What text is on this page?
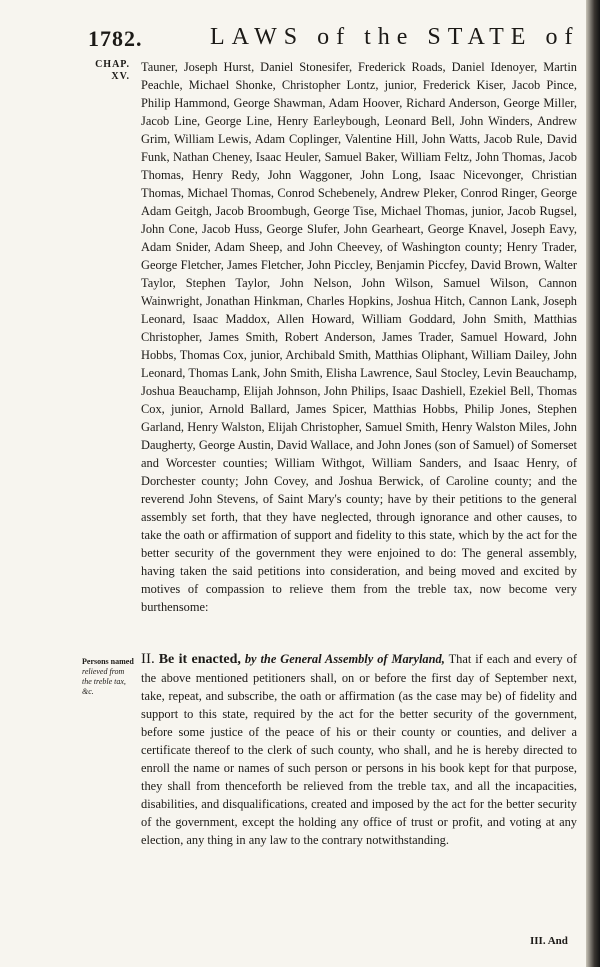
1782.	LAWS of the STATE of
CHAP.
XV.

Tauner, Joseph Hurst, Daniel Stonesifer, Frederick Roads, Daniel Idenoyer, Martin Peachle, Michael Shonke, Christopher Lontz, junior, Frederick Kiser, Jacob Pince, Philip Hammond, George Shawman, Adam Hoover, Richard Anderson, George Miller, Jacob Line, George Line, Henry Earleybough, Leonard Bell, John Winders, Andrew Grim, William Lewis, Adam Coplinger, Valentine Hill, John Watts, Jacob Rule, David Funk, Nathan Cheney, Isaac Heuler, Samuel Baker, William Feltz, John Thomas, Jacob Thomas, Henry Redy, John Waggoner, John Long, Isaac Nicevonger, Christian Thomas, Michael Thomas, Conrod Schebenely, Andrew Pleker, Conrod Ringer, George Adam Geitgh, Jacob Broombugh, George Tise, Michael Thomas, junior, Jacob Rugsel, John Cone, Jacob Huss, George Slufer, John Gearheart, George Knavel, Joseph Eavy, Adam Snider, Adam Sheep, and John Cheevey, of Washington county; Henry Trader, George Fletcher, James Fletcher, John Piccley, Benjamin Piccfey, David Brown, Walter Taylor, Stephen Taylor, John Nelson, John Wilson, Samuel Wilson, Cannon Wainwright, Jonathan Hinkman, Charles Hopkins, Joshua Hitch, Cannon Lank, Joseph Leonard, Isaac Maddox, Allen Howard, William Goddard, John Smith, Matthias Christopher, James Smith, Robert Anderson, James Trader, Samuel Howard, John Hobbs, Thomas Cox, junior, Archibald Smith, Matthias Oliphant, William Dailey, John Leonard, Thomas Lank, John Smith, Elisha Lawrence, Saul Stocley, Levin Beauchamp, Joshua Beauchamp, Elijah Johnson, John Philips, Isaac Dashiell, Ezekiel Bell, Thomas Cox, junior, Arnold Ballard, James Spicer, Matthias Hobbs, Philip Jones, Stephen Garland, Henry Walston, Elijah Christopher, Samuel Smith, Henry Walston Miles, John Daugherty, George Austin, David Wallace, and John Jones (son of Samuel) of Somerset and Worcester counties; William Withgot, William Sanders, and Isaac Henry, of Dorchester county; John Covey, and Joshua Berwick, of Caroline county; and the reverend John Stevens, of Saint Mary's county; have by their petitions to the general assembly set forth, that they have neglected, through ignorance and other causes, to take the oath or affirmation of support and fidelity to this state, which by the act for the better security of the government they were enjoined to do: The general assembly, having taken the said petitions into consideration, and being moved and excited by motives of compassion to relieve them from the treble tax, now become very burthensome:

Persons named
relieved from
the treble tax,
&c.

II. Be it enacted, by the General Assembly of Maryland, That if each and every of the above mentioned petitioners shall, on or before the first day of September next, take, repeat, and subscribe, the oath or affirmation (as the case may be) of fidelity and support to this state, required by the act for the better security of the government, before some justice of the peace of his or their county or counties, and deliver a certificate thereof to the clerk of such county, who shall, and he is hereby directed to enroll the name or names of such person or persons in his book kept for that purpose, they shall from thenceforth be relieved from the treble tax, and all the incapacities, disabilities, and disqualifications, created and imposed by the act for the better security of the government, except the holding any office of trust or profit, and voting at any election, any thing in any law to the contrary notwithstanding.

III. And
